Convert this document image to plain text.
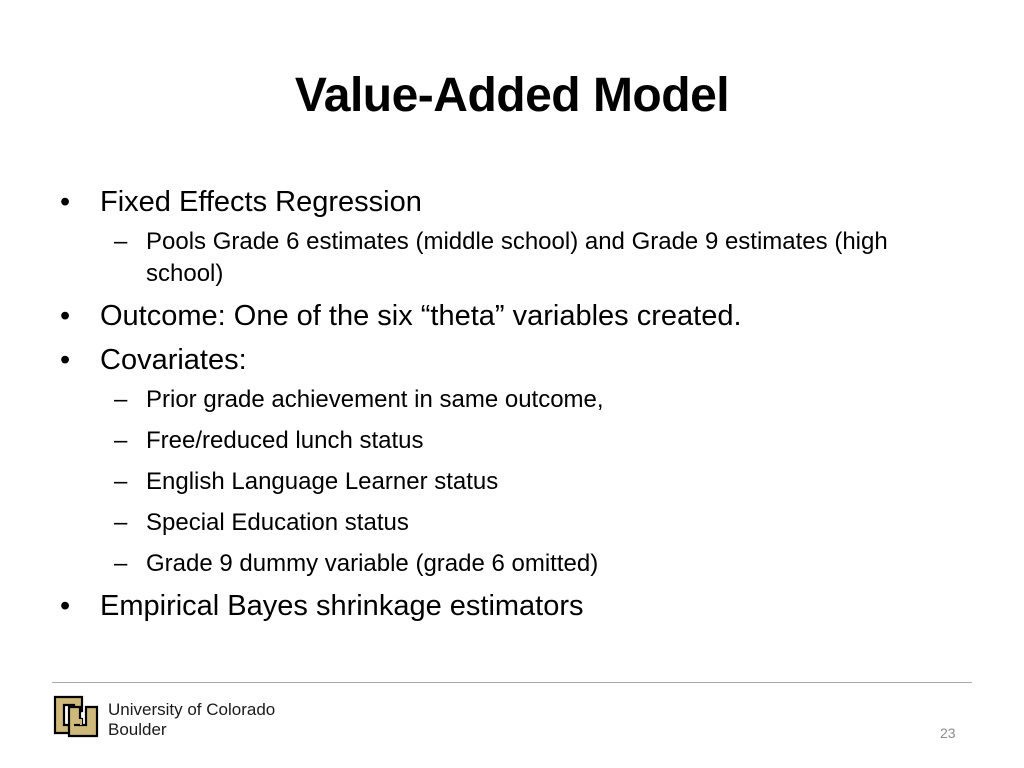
Value-Added Model
•	Fixed Effects Regression
– Pools Grade 6 estimates (middle school) and Grade 9 estimates (high school)
•	Outcome: One of the six “theta” variables created.
•	Covariates:
– Prior grade achievement in same outcome,
– Free/reduced lunch status
– English Language Learner status
– Special Education status
– Grade 9 dummy variable (grade 6 omitted)
•	Empirical Bayes shrinkage estimators
University of Colorado
Boulder	23
